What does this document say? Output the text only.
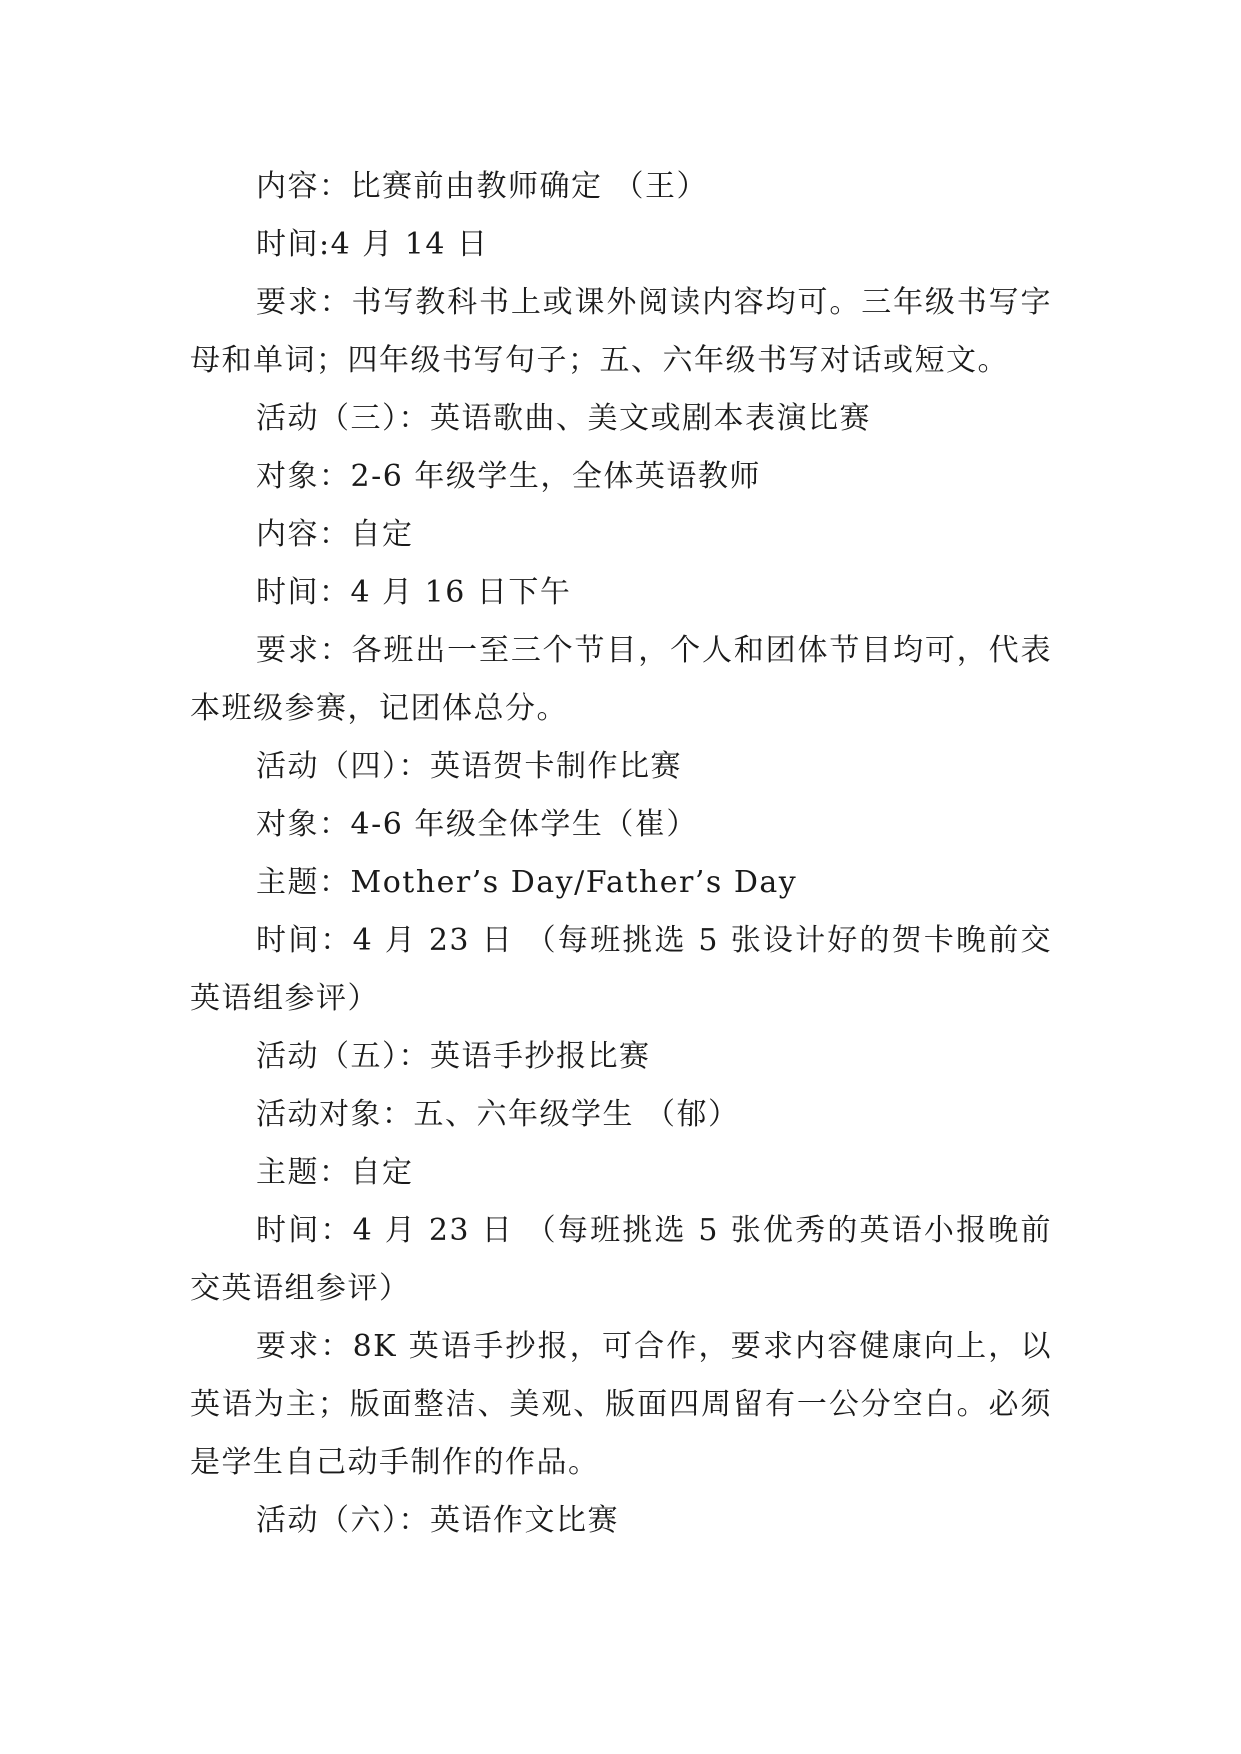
内容：比赛前由教师确定 （王）

时间:4 月 14 日

要求：书写教科书上或课外阅读内容均可。三年级书写字母和单词；四年级书写句子；五、六年级书写对话或短文。

活动（三）：英语歌曲、美文或剧本表演比赛

对象：2-6 年级学生，全体英语教师

内容：自定

时间：4 月 16 日下午

要求：各班出一至三个节目，个人和团体节目均可，代表本班级参赛，记团体总分。

活动（四）：英语贺卡制作比赛

对象：4-6 年级全体学生（崔）

主题：Mother’s Day/Father’s Day

时间：4 月 23 日 （每班挑选 5 张设计好的贺卡晚前交英语组参评）

活动（五）：英语手抄报比赛

活动对象：五、六年级学生 （郁）

主题：自定

时间：4 月 23 日 （每班挑选 5 张优秀的英语小报晚前交英语组参评）

要求：8K 英语手抄报，可合作，要求内容健康向上，以英语为主；版面整洁、美观、版面四周留有一公分空白。必须是学生自己动手制作的作品。

活动（六）：英语作文比赛
